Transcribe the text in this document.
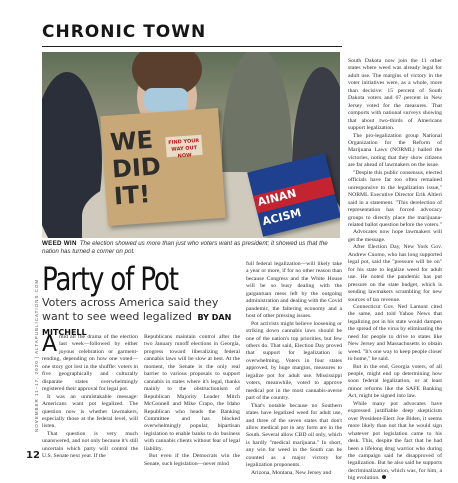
CHRONIC TOWN
WE
DID
IT!
FIND YOUR WAY OUT NOW
AINAN
ACISM
WEED WIN The election showed us more than just who voters want as president; it showed us that the nation has turned a corner on pot.
Party of Pot
Voters across America said they want to see weed legalized BY DAN MITCHELL
NOVEMBER 11–17, 2020 | ALTAPUBLICATIONS.COM
12
A mid all the drama of the election last week—followed by either joyous celebration or garment-rending, depending on how one voted—one story got lost in the shuffle: voters in five geographically and culturally disparate states overwhelmingly registered their approval for legal pot.

It was an unmistakable message: Americans want pot legalized. The question now is whether lawmakers, especially those at the federal level, will listen.

That question is very much unanswered, and not only because it's still uncertain which party will control the U.S. Senate next year. If the

Republicans maintain control after the two January runoff elections in Georgia, progress toward liberalizing federal cannabis laws will be slow at best. At the moment, the Senate is the only real barrier to various proposals to support cannabis in states where it's legal, thanks mainly to the obstructionism of Republican Majority Leader Mitch McConnell and Mike Crapo, the Idaho Republican who heads the Banking Committee and has blocked overwhelmingly popular, bipartisan legislation to enable banks to do business with cannabis clients without fear of legal liability.

But even if the Democrats win the Senate, such legislation—never mind

full federal legalization—will likely take a year or more, if for no other reason than because Congress and the White House will be so busy dealing with the gargantuan mess left by the outgoing administration and dealing with the Covid pandemic, the faltering economy and a host of other pressing issues.

Pot activists might believe loosening or striking down cannabis laws should be one of the nation's top priorities, but few others do. That said, Election Day proved that support for legalization is overwhelming. Voters in four states approved, by huge margins, measures to legalize pot for adult use. Mississippi voters, meanwhile, voted to approve medical pot in the most cannabis-averse part of the country.

That's notable because no Southern states have legalized weed for adult use, and three of the seven states that don't allow medical pot in any form are in the South. Several allow CBD oil only, which is hardly "medical marijuana." In short, any win for weed in the South can be counted as a major victory for legalization proponents.

Arizona, Montana, New Jersey and

South Dakota now join the 11 other states where weed was already legal for adult use. The margins of victory in the voter initiatives were, as a whole, more than decisive: 15 percent of South Dakota voters and 67 percent in New Jersey voted for the measures. That comports with national surveys showing that about two-thirds of Americans support legalization.

The pro-legalization group National Organization for the Reform of Marijuana Laws (NORML) hailed the victories, noting that they show citizens are far ahead of lawmakers on the issue.

"Despite this public consensus, elected officials have far too often remained unresponsive to the legalization issue," NORML Executive Director Erik Altieri said in a statement. "This derelection of representation has forced advocacy groups to directly place the marijuana-related ballot question before the voters."

Advocates now hope lawmakers will get the message.

After Election Day, New York Gov. Andrew Cuomo, who has long supported legal pot, said the "pressure will be on" for his state to legalize weed for adult use. He noted the pandemic has put pressure on the state budget, which is sending lawmakers scrambling for new sources of tax revenue.

Connecticut Gov. Ned Lamont cited the same, and told Yahoo News that legalizing pot in his state would dampen the spread of the virus by eliminating the need for people to drive to states like New Jersey and Massachusetts to obtain weed. "It's one way to keep people closer to home," he said.

But in the end, Georgia voters, of all people, might end up determining how soon federal legalization, or at least minor reforms like the SAFE Banking Act, might be signed into law.

While many pot advocates have expressed justifiable deep skepticism over President-Elect Joe Biden, it seems more likely than not that he would sign whatever pot legislation came to his desk. This, despite the fact that he had been a lifelong drug warrior who during the campaign said he disapproved of legalization. But he also said he supports decriminalization, which was, for him, a big evolution.
